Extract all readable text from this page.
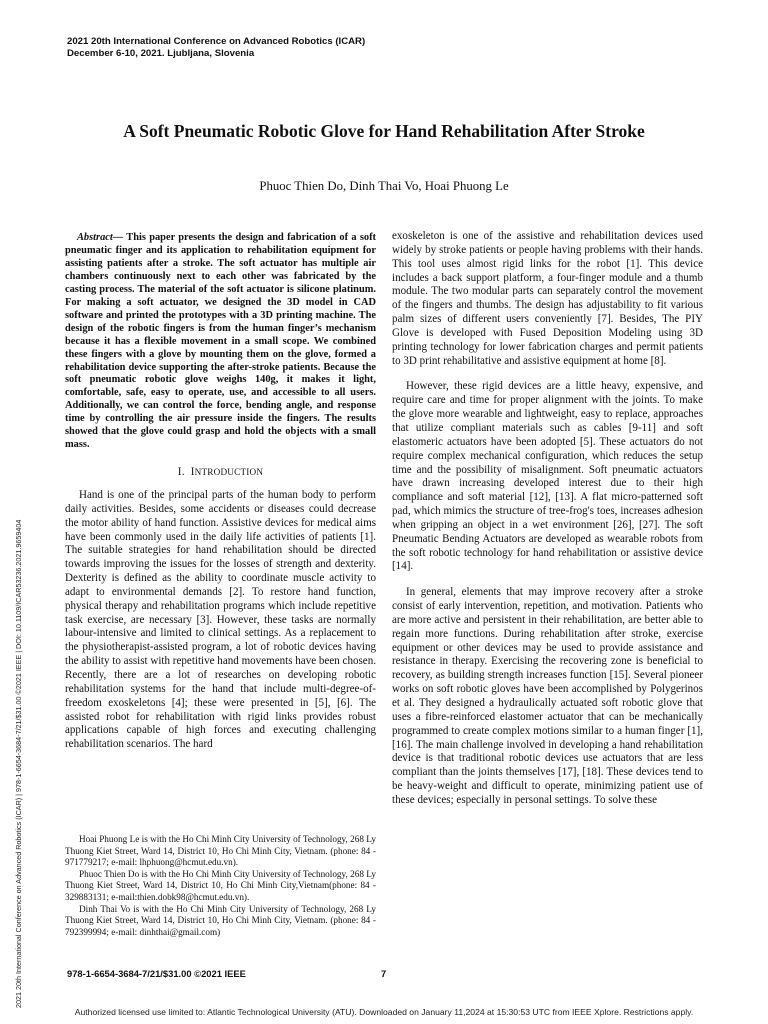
2021 20th International Conference on Advanced Robotics (ICAR) | 978-1-6654-3684-7/21/$31.00 ©2021 IEEE | DOI: 10.1109/ICAR53236.2021.9659404
2021 20th International Conference on Advanced Robotics (ICAR)
December 6-10, 2021. Ljubljana, Slovenia
A Soft Pneumatic Robotic Glove for Hand Rehabilitation After Stroke
Phuoc Thien Do, Dinh Thai Vo, Hoai Phuong Le

Abstract— This paper presents the design and fabrication of a soft pneumatic finger and its application to rehabilitation equipment for assisting patients after a stroke. The soft actuator has multiple air chambers continuously next to each other was fabricated by the casting process. The material of the soft actuator is silicone platinum. For making a soft actuator, we designed the 3D model in CAD software and printed the prototypes with a 3D printing machine. The design of the robotic fingers is from the human finger’s mechanism because it has a flexible movement in a small scope. We combined these fingers with a glove by mounting them on the glove, formed a rehabilitation device supporting the after-stroke patients. Because the soft pneumatic robotic glove weighs 140g, it makes it light, comfortable, safe, easy to operate, use, and accessible to all users. Additionally, we can control the force, bending angle, and response time by controlling the air pressure inside the fingers. The results showed that the glove could grasp and hold the objects with a small mass.

I. INTRODUCTION

Hand is one of the principal parts of the human body to perform daily activities. Besides, some accidents or diseases could decrease the motor ability of hand function. Assistive devices for medical aims have been commonly used in the daily life activities of patients [1]. The suitable strategies for hand rehabilitation should be directed towards improving the issues for the losses of strength and dexterity. Dexterity is defined as the ability to coordinate muscle activity to adapt to environmental demands [2]. To restore hand function, physical therapy and rehabilitation programs which include repetitive task exercise, are necessary [3]. However, these tasks are normally labour-intensive and limited to clinical settings. As a replacement to the physiotherapist-assisted program, a lot of robotic devices having the ability to assist with repetitive hand movements have been chosen. Recently, there are a lot of researches on developing robotic rehabilitation systems for the hand that include multi-degree-of-freedom exoskeletons [4]; these were presented in [5], [6]. The assisted robot for rehabilitation with rigid links provides robust applications capable of high forces and executing challenging rehabilitation scenarios. The hard

Hoai Phuong Le is with the Ho Chi Minh City University of Technology, 268 Ly Thuong Kiet Street, Ward 14, District 10, Ho Chi Minh City, Vietnam. (phone: 84 - 971779217; e-mail: lhphuong@hcmut.edu.vn).

Phuoc Thien Do is with the Ho Chi Minh City University of Technology, 268 Ly Thuong Kiet Street, Ward 14, District 10, Ho Chi Minh City,Vietnam(phone: 84 - 329883131; e-mail:thien.dobk98@hcmut.edu.vn).

Dinh Thai Vo is with the Ho Chi Minh City University of Technology, 268 Ly Thuong Kiet Street, Ward 14, District 10, Ho Chi Minh City, Vietnam. (phone: 84 - 792399994; e-mail: dinhthai@gmail.com)

exoskeleton is one of the assistive and rehabilitation devices used widely by stroke patients or people having problems with their hands. This tool uses almost rigid links for the robot [1]. This device includes a back support platform, a four-finger module and a thumb module. The two modular parts can separately control the movement of the fingers and thumbs. The design has adjustability to fit various palm sizes of different users conveniently [7]. Besides, The PIY Glove is developed with Fused Deposition Modeling using 3D printing technology for lower fabrication charges and permit patients to 3D print rehabilitative and assistive equipment at home [8].

However, these rigid devices are a little heavy, expensive, and require care and time for proper alignment with the joints. To make the glove more wearable and lightweight, easy to replace, approaches that utilize compliant materials such as cables [9-11] and soft elastomeric actuators have been adopted [5]. These actuators do not require complex mechanical configuration, which reduces the setup time and the possibility of misalignment. Soft pneumatic actuators have drawn increasing developed interest due to their high compliance and soft material [12], [13]. A flat micro-patterned soft pad, which mimics the structure of tree-frog's toes, increases adhesion when gripping an object in a wet environment [26], [27]. The soft Pneumatic Bending Actuators are developed as wearable robots from the soft robotic technology for hand rehabilitation or assistive device [14].

In general, elements that may improve recovery after a stroke consist of early intervention, repetition, and motivation. Patients who are more active and persistent in their rehabilitation, are better able to regain more functions. During rehabilitation after stroke, exercise equipment or other devices may be used to provide assistance and resistance in therapy. Exercising the recovering zone is beneficial to recovery, as building strength increases function [15]. Several pioneer works on soft robotic gloves have been accomplished by Polygerinos et al. They designed a hydraulically actuated soft robotic glove that uses a fibre-reinforced elastomer actuator that can be mechanically programmed to create complex motions similar to a human finger [1], [16]. The main challenge involved in developing a hand rehabilitation device is that traditional robotic devices use actuators that are less compliant than the joints themselves [17], [18]. These devices tend to be heavy-weight and difficult to operate, minimizing patient use of these devices; especially in personal settings. To solve these

978-1-6654-3684-7/21/$31.00 ©2021 IEEE	7
Authorized licensed use limited to: Atlantic Technological University (ATU). Downloaded on January 11,2024 at 15:30:53 UTC from IEEE Xplore. Restrictions apply.
